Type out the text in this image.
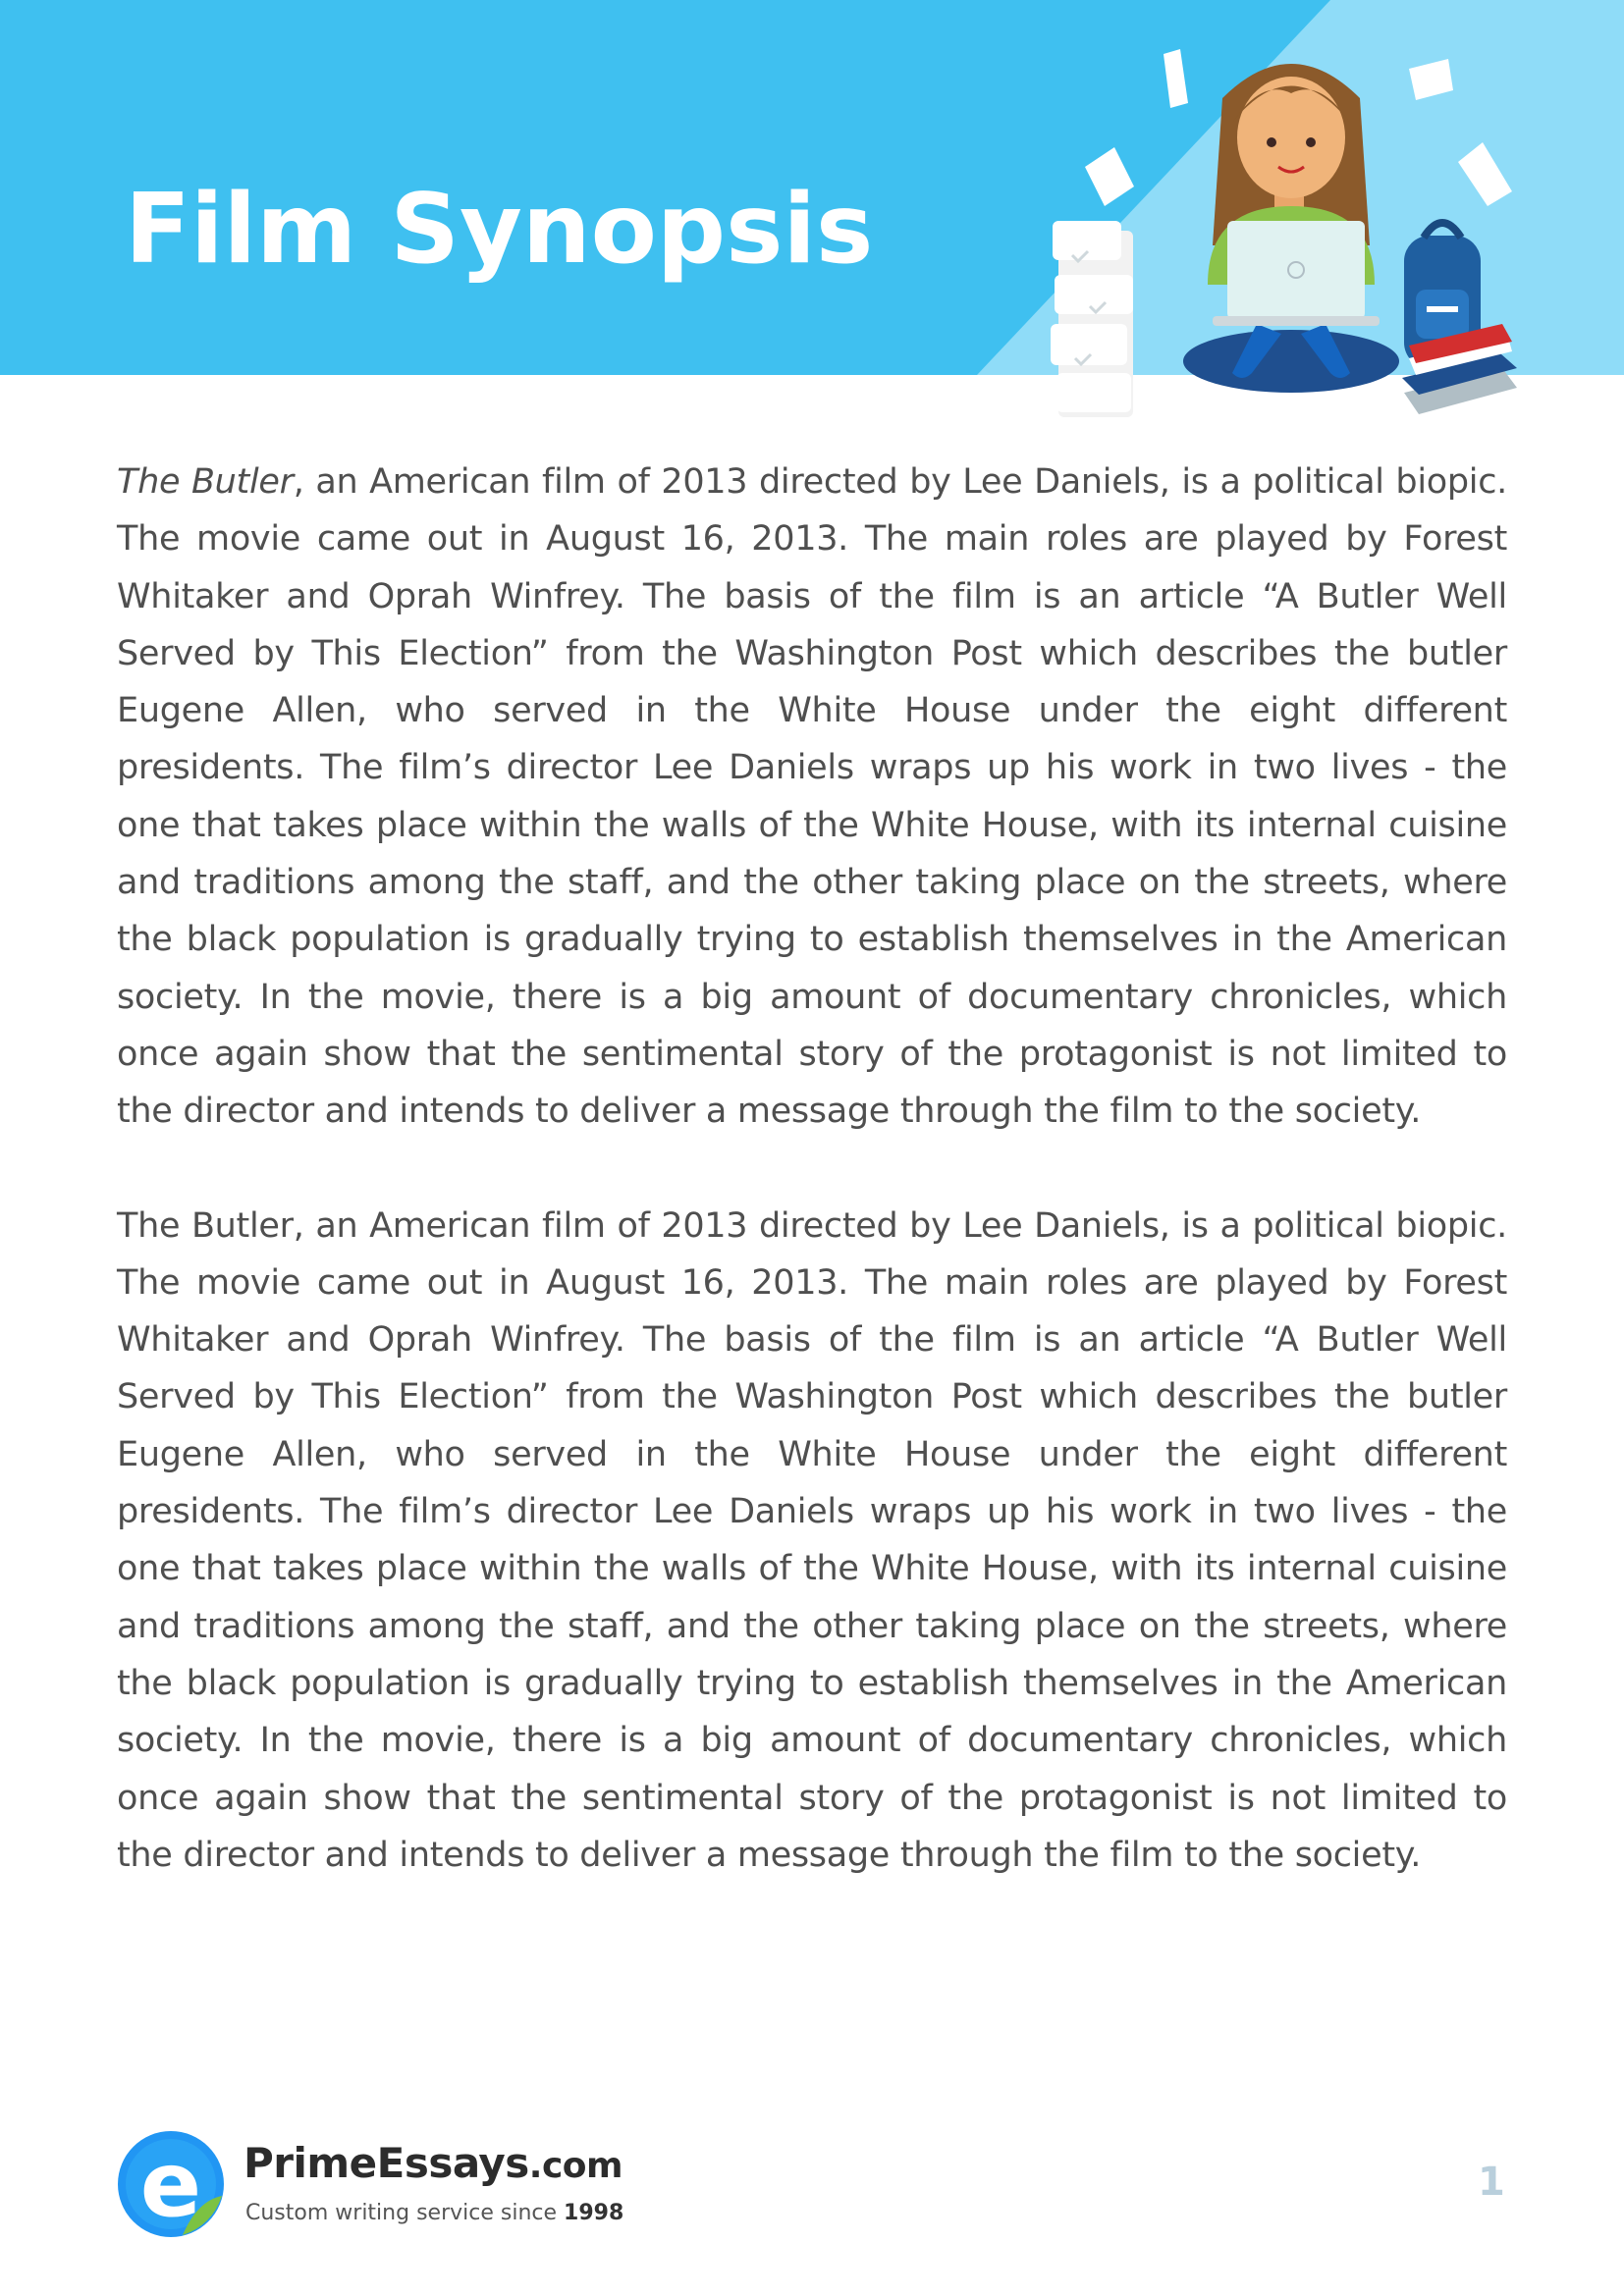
Film Synopsis

The Butler, an American film of 2013 directed by Lee Daniels, is a political biopic. The movie came out in August 16, 2013. The main roles are played by Forest Whitaker and Oprah Winfrey. The basis of the film is an article “A Butler Well Served by This Election” from the Washington Post which describes the butler Eugene Allen, who served in the White House under the eight different presidents. The film’s director Lee Daniels wraps up his work in two lives - the one that takes place within the walls of the White House, with its internal cuisine and traditions among the staff, and the other taking place on the streets, where the black population is gradually trying to establish themselves in the American society. In the movie, there is a big amount of documentary chronicles, which once again show that the sentimental story of the protagonist is not limited to the director and intends to deliver a message through the film to the society.

The Butler, an American film of 2013 directed by Lee Daniels, is a political biopic. The movie came out in August 16, 2013. The main roles are played by Forest Whitaker and Oprah Winfrey. The basis of the film is an article “A Butler Well Served by This Election” from the Washington Post which describes the butler Eugene Allen, who served in the White House under the eight different presidents. The film’s director Lee Daniels wraps up his work in two lives - the one that takes place within the walls of the White House, with its internal cuisine and traditions among the staff, and the other taking place on the streets, where the black population is gradually trying to establish themselves in the American society. In the movie, there is a big amount of documentary chronicles, which once again show that the sentimental story of the protagonist is not limited to the director and intends to deliver a message through the film to the society.

e PrimeEssays.com
Custom writing service since 1998
1
